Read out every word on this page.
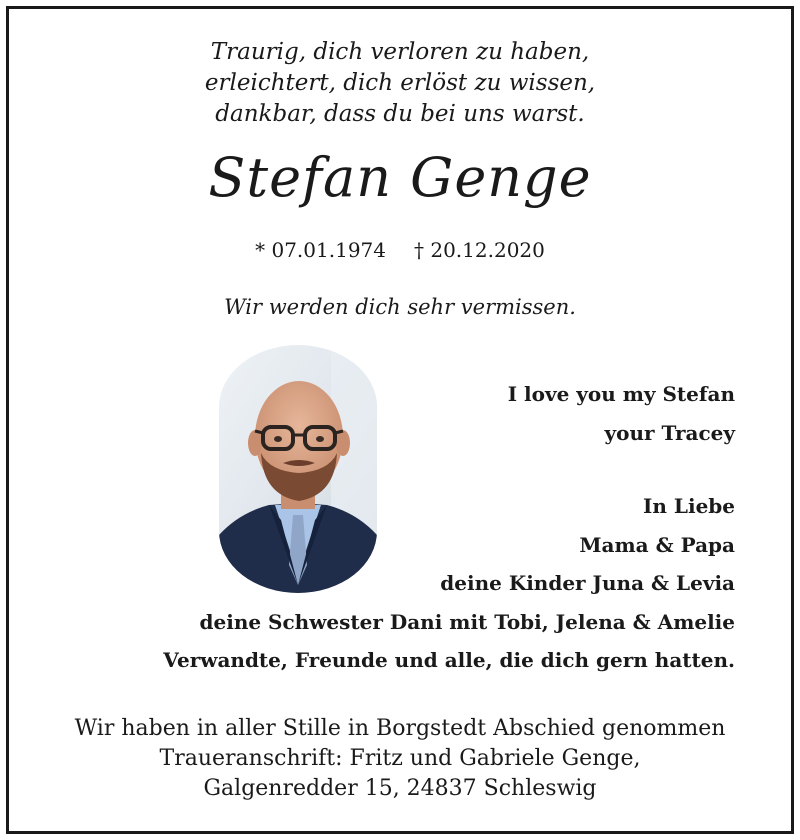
Traurig, dich verloren zu haben,
erleichtert, dich erlöst zu wissen,
dankbar, dass du bei uns warst.
Stefan Genge
* 07.01.1974 † 20.12.2020
Wir werden dich sehr vermissen.
I love you my Stefan
your Tracey
In Liebe
Mama & Papa
deine Kinder Juna & Levia
deine Schwester Dani mit Tobi, Jelena & Amelie
Verwandte, Freunde und alle, die dich gern hatten.
Wir haben in aller Stille in Borgstedt Abschied genommen
Traueranschrift: Fritz und Gabriele Genge,
Galgenredder 15, 24837 Schleswig
